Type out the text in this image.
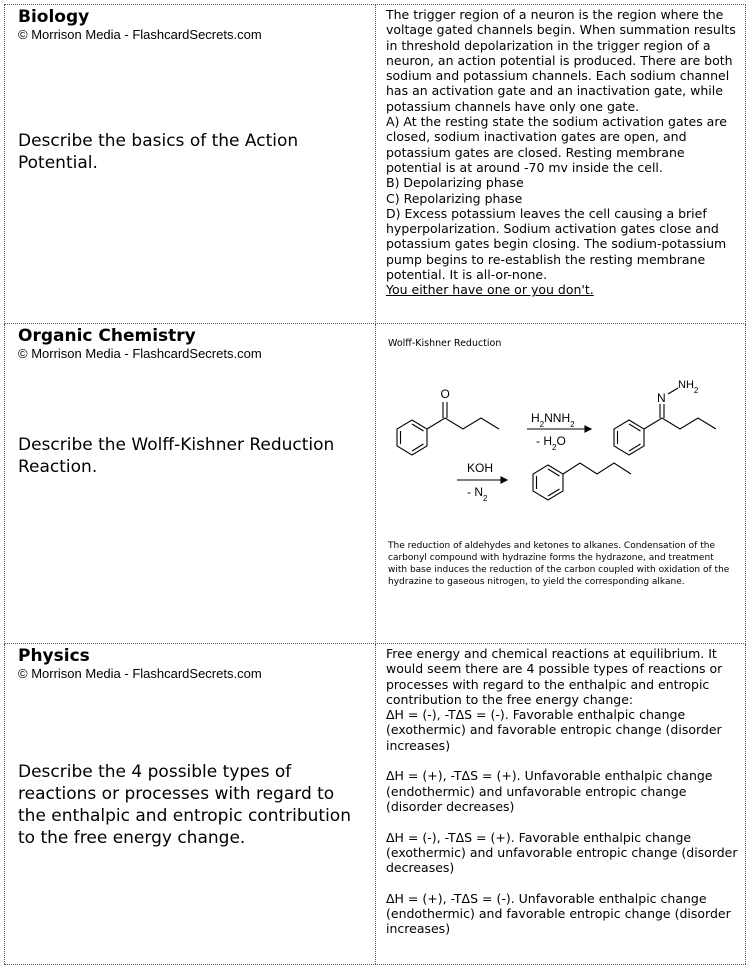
Biology
© Morrison Media - FlashcardSecrets.com
Describe the basics of the Action Potential.

The trigger region of a neuron is the region where the voltage gated channels begin. When summation results in threshold depolarization in the trigger region of a neuron, an action potential is produced. There are both sodium and potassium channels. Each sodium channel has an activation gate and an inactivation gate, while potassium channels have only one gate.

A) At the resting state the sodium activation gates are closed, sodium inactivation gates are open, and potassium gates are closed. Resting membrane potential is at around -70 mv inside the cell.

B) Depolarizing phase

C) Repolarizing phase

D) Excess potassium leaves the cell causing a brief hyperpolarization. Sodium activation gates close and potassium gates begin closing. The sodium-potassium pump begins to re-establish the resting membrane potential. It is all-or-none.

You either have one or you don't.

Organic Chemistry
© Morrison Media - FlashcardSecrets.com
Describe the Wolff-Kishner Reduction Reaction.
Wolff-Kishner Reduction
O	N
$NH_2$
$H_2NNH_2$
- $H_2O$
KOH
- $N_2$
The reduction of aldehydes and ketones to alkanes. Condensation of the carbonyl compound with hydrazine forms the hydrazone, and treatment with base induces the reduction of the carbon coupled with oxidation of the hydrazine to gaseous nitrogen, to yield the corresponding alkane.
Physics
© Morrison Media - FlashcardSecrets.com
Describe the 4 possible types of reactions or processes with regard to the enthalpic and entropic contribution to the free energy change.

Free energy and chemical reactions at equilibrium. It would seem there are 4 possible types of reactions or processes with regard to the enthalpic and entropic contribution to the free energy change:

ΔH = (-), -TΔS = (-). Favorable enthalpic change (exothermic) and favorable entropic change (disorder increases)

ΔH = (+), -TΔS = (+). Unfavorable enthalpic change (endothermic) and unfavorable entropic change (disorder decreases)

ΔH = (-), -TΔS = (+). Favorable enthalpic change (exothermic) and unfavorable entropic change (disorder decreases)

ΔH = (+), -TΔS = (-). Unfavorable enthalpic change (endothermic) and favorable entropic change (disorder increases)
